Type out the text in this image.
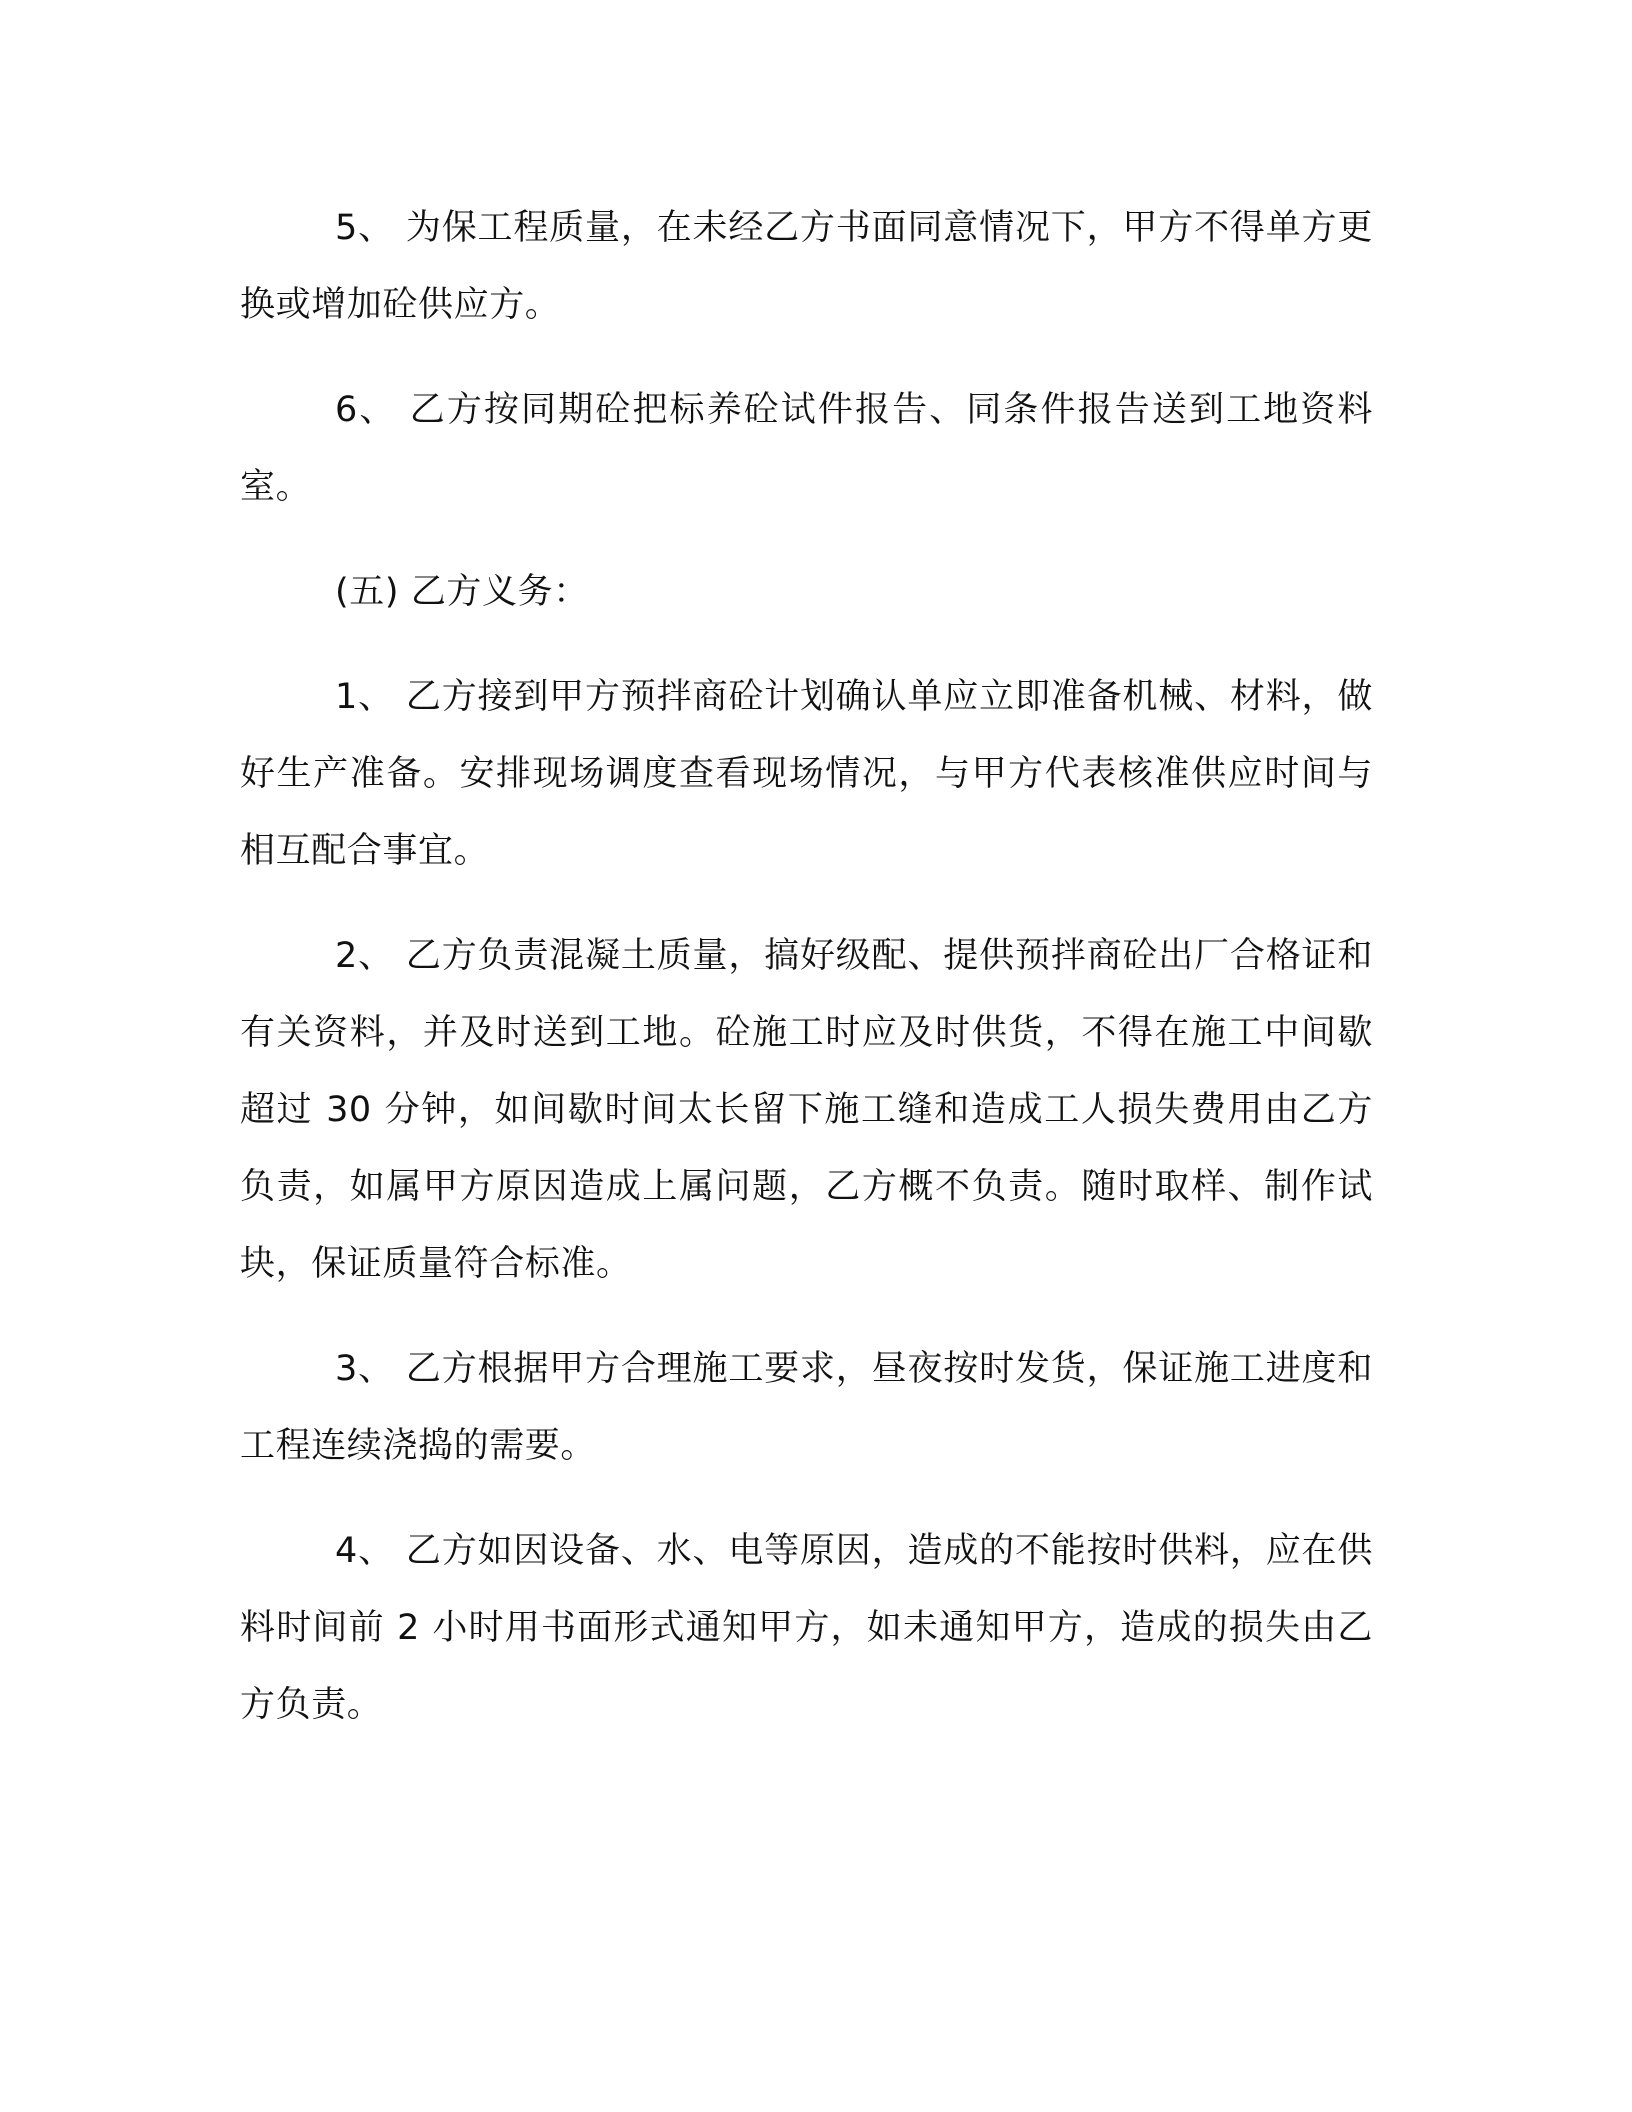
5、 为保工程质量，在未经乙方书面同意情况下，甲方不得单方更换或增加砼供应方。

6、 乙方按同期砼把标养砼试件报告、同条件报告送到工地资料室。

(五) 乙方义务：

1、 乙方接到甲方预拌商砼计划确认单应立即准备机械、材料，做好生产准备。安排现场调度查看现场情况，与甲方代表核准供应时间与相互配合事宜。

2、 乙方负责混凝土质量，搞好级配、提供预拌商砼出厂合格证和有关资料，并及时送到工地。砼施工时应及时供货，不得在施工中间歇超过 30 分钟，如间歇时间太长留下施工缝和造成工人损失费用由乙方负责，如属甲方原因造成上属问题，乙方概不负责。随时取样、制作试块，保证质量符合标准。

3、 乙方根据甲方合理施工要求，昼夜按时发货，保证施工进度和工程连续浇捣的需要。

4、 乙方如因设备、水、电等原因，造成的不能按时供料，应在供料时间前 2 小时用书面形式通知甲方，如未通知甲方，造成的损失由乙方负责。
